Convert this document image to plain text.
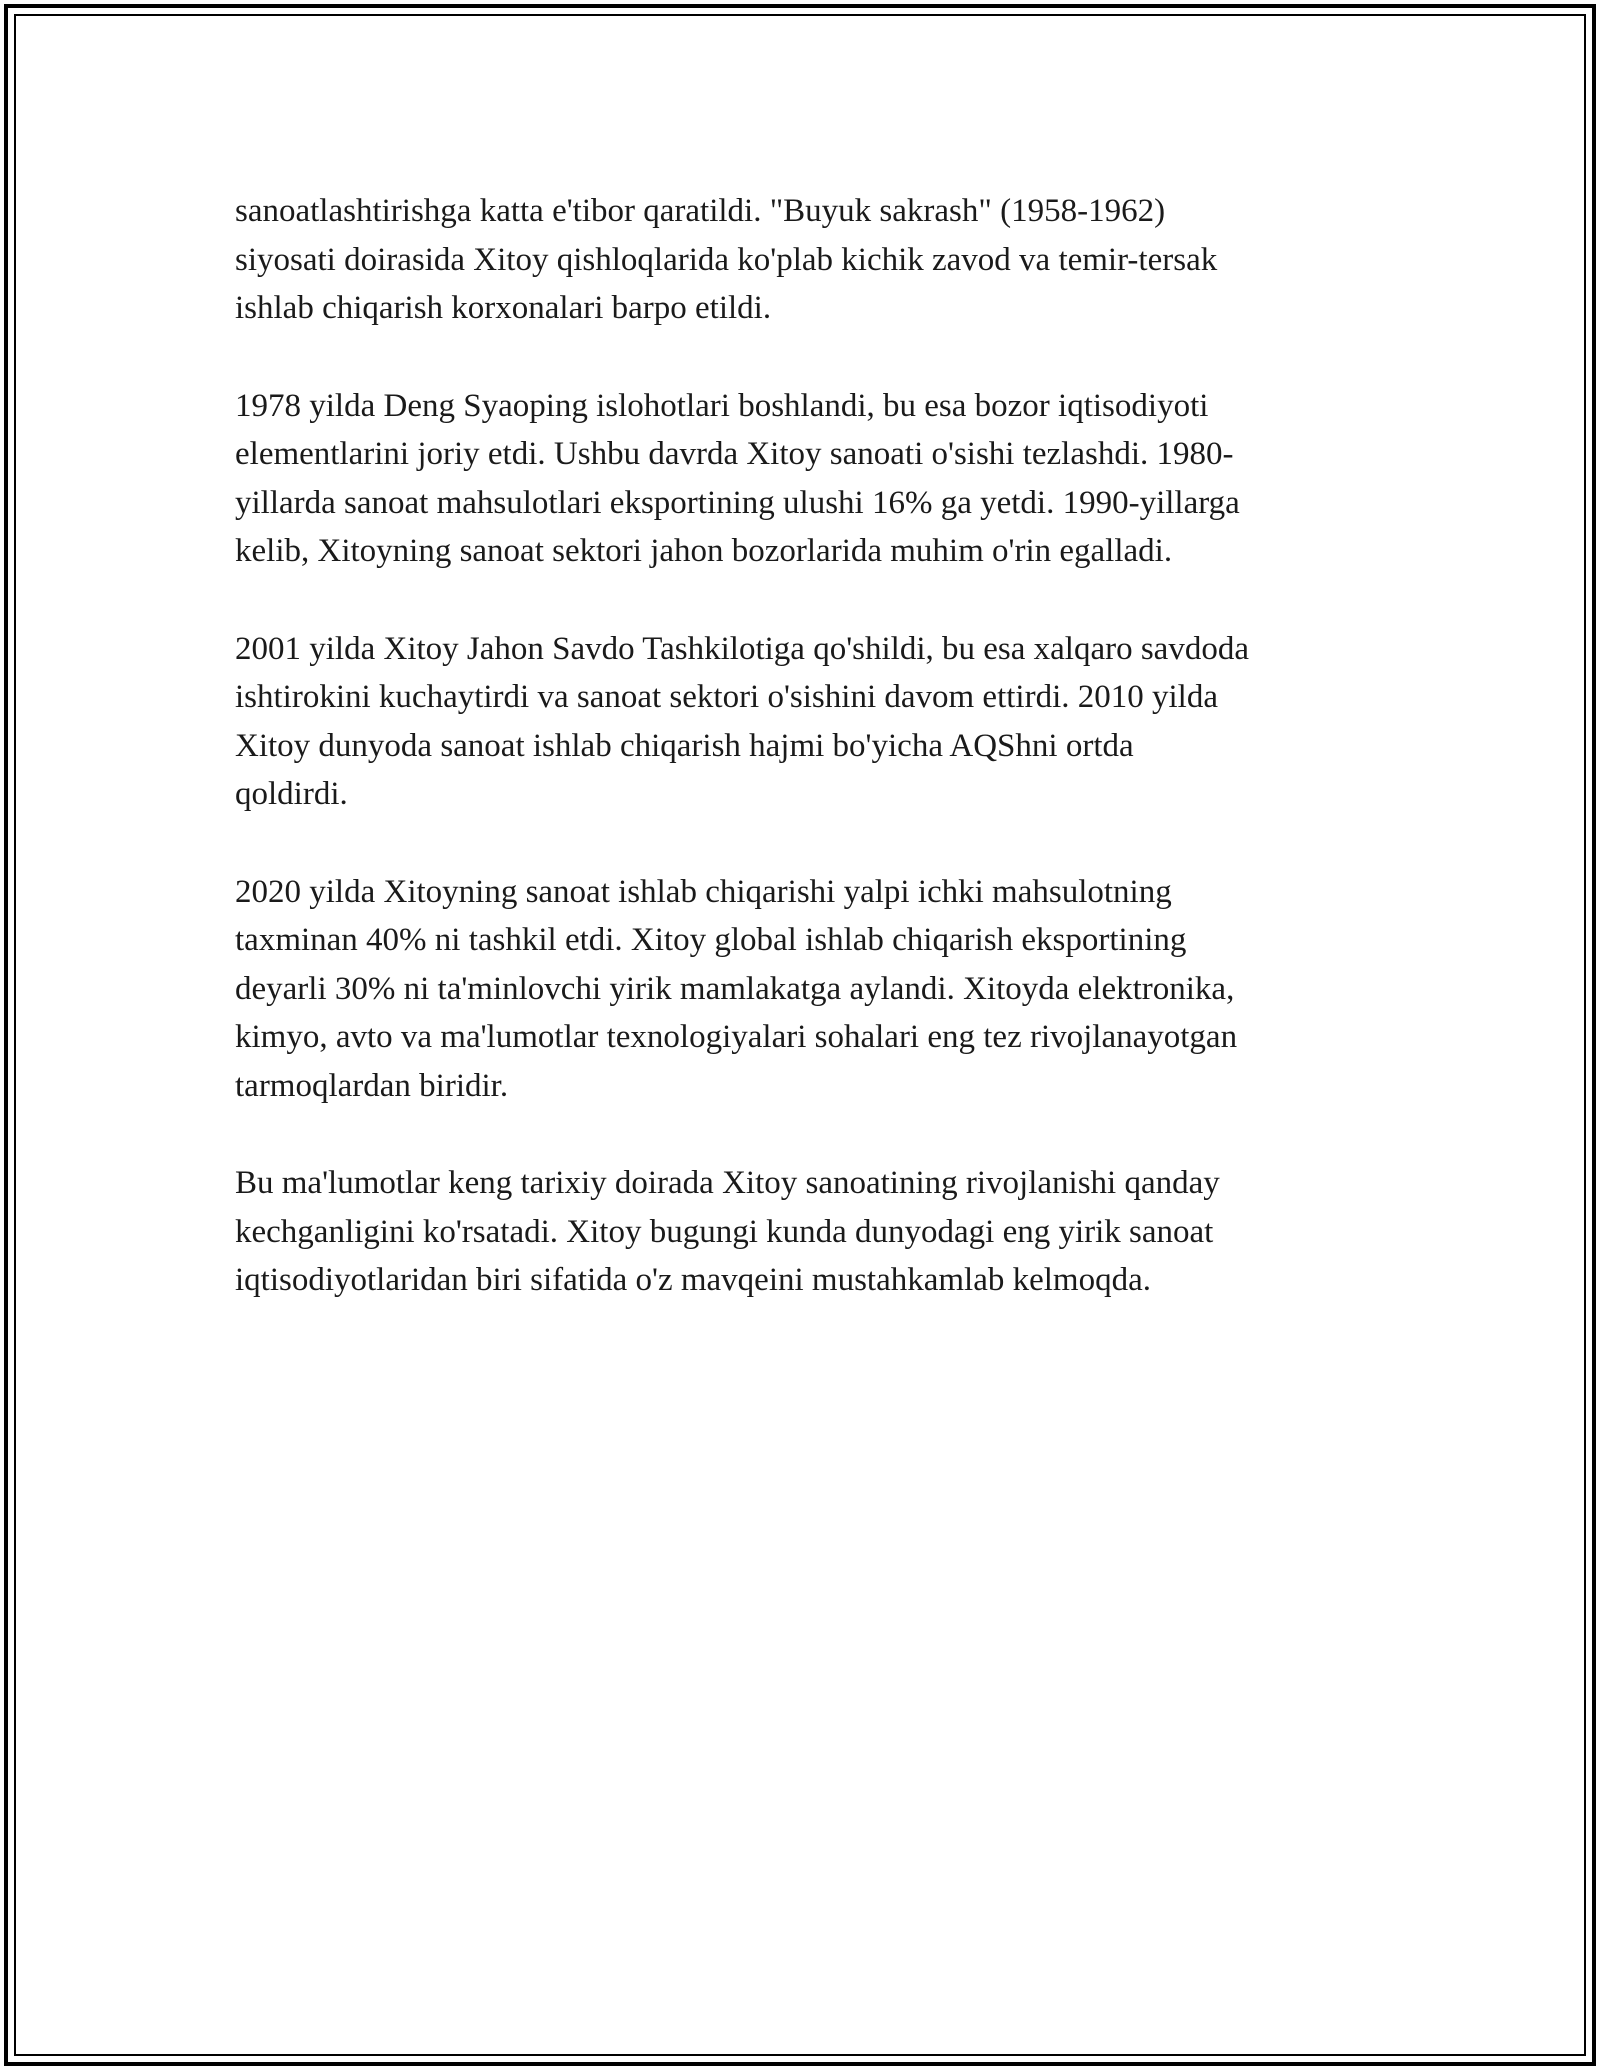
sanoatlashtirishga katta e'tibor qaratildi. "Buyuk sakrash" (1958-1962)
siyosati doirasida Xitoy qishloqlarida ko'plab kichik zavod va temir-tersak
ishlab chiqarish korxonalari barpo etildi.

1978 yilda Deng Syaoping islohotlari boshlandi, bu esa bozor iqtisodiyoti
elementlarini joriy etdi. Ushbu davrda Xitoy sanoati o'sishi tezlashdi. 1980-
yillarda sanoat mahsulotlari eksportining ulushi 16% ga yetdi. 1990-yillarga
kelib, Xitoyning sanoat sektori jahon bozorlarida muhim o'rin egalladi.

2001 yilda Xitoy Jahon Savdo Tashkilotiga qo'shildi, bu esa xalqaro savdoda
ishtirokini kuchaytirdi va sanoat sektori o'sishini davom ettirdi. 2010 yilda
Xitoy dunyoda sanoat ishlab chiqarish hajmi bo'yicha AQShni ortda
qoldirdi.

2020 yilda Xitoyning sanoat ishlab chiqarishi yalpi ichki mahsulotning
taxminan 40% ni tashkil etdi. Xitoy global ishlab chiqarish eksportining
deyarli 30% ni ta'minlovchi yirik mamlakatga aylandi. Xitoyda elektronika,
kimyo, avto va ma'lumotlar texnologiyalari sohalari eng tez rivojlanayotgan
tarmoqlardan biridir.

Bu ma'lumotlar keng tarixiy doirada Xitoy sanoatining rivojlanishi qanday
kechganligini ko'rsatadi. Xitoy bugungi kunda dunyodagi eng yirik sanoat
iqtisodiyotlaridan biri sifatida o'z mavqeini mustahkamlab kelmoqda.
